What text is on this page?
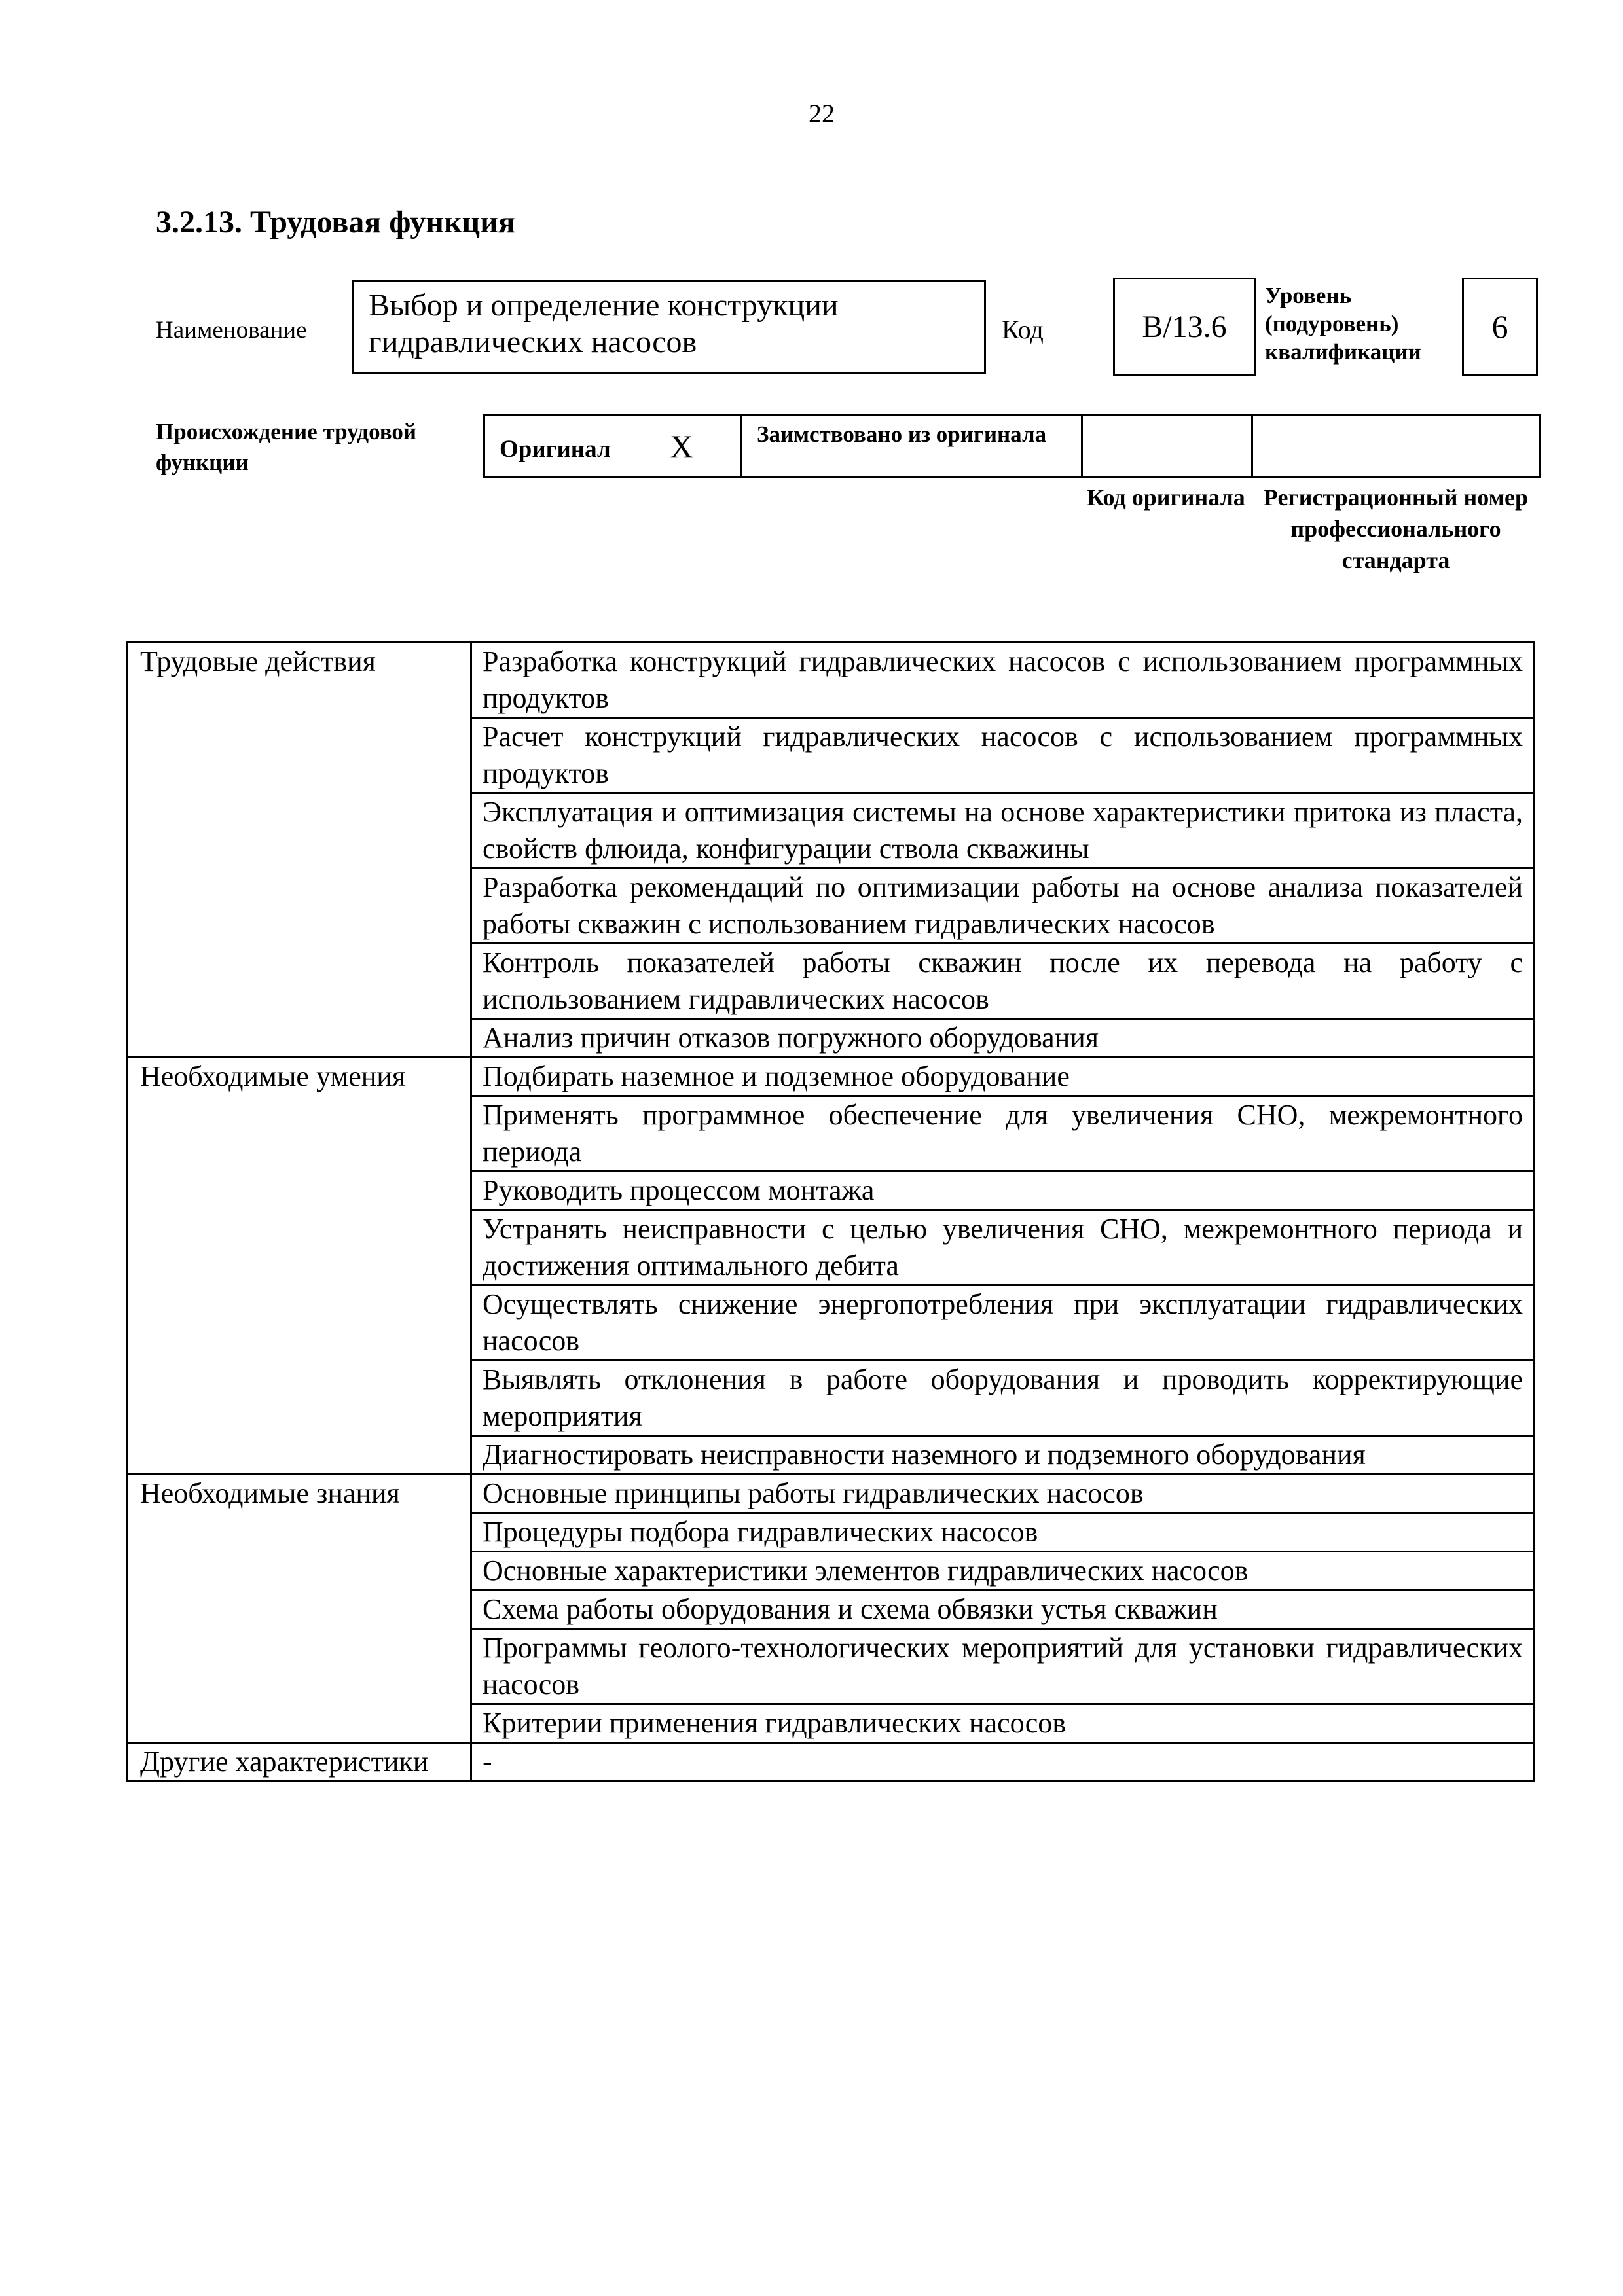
22
3.2.13. Трудовая функция
Наименование
Выбор и определение конструкции гидравлических насосов	Код	B/13.6
Уровень (подуровень) квалификации
6
Происхождение трудовой функции	Оригинал X	Заимствовано из оригинала
Код оригинала Регистрационный номер профессионального стандарта
Трудовые действия	Разработка конструкций гидравлических насосов с использованием программных продуктов
	Расчет конструкций гидравлических насосов с использованием программных продуктов
	Эксплуатация и оптимизация системы на основе характеристики притока из пласта, свойств флюида, конфигурации ствола скважины
	Разработка рекомендаций по оптимизации работы на основе анализа показателей работы скважин с использованием гидравлических насосов
	Контроль показателей работы скважин после их перевода на работу с использованием гидравлических насосов
	Анализ причин отказов погружного оборудования
Необходимые умения	Подбирать наземное и подземное оборудование
	Применять программное обеспечение для увеличения СНО, межремонтного периода
	Руководить процессом монтажа
	Устранять неисправности с целью увеличения СНО, межремонтного периода и достижения оптимального дебита
	Осуществлять снижение энергопотребления при эксплуатации гидравлических насосов
	Выявлять отклонения в работе оборудования и проводить корректирующие мероприятия
	Диагностировать неисправности наземного и подземного оборудования
Необходимые знания	Основные принципы работы гидравлических насосов
	Процедуры подбора гидравлических насосов
	Основные характеристики элементов гидравлических насосов
	Схема работы оборудования и схема обвязки устья скважин
	Программы геолого-технологических мероприятий для установки гидравлических насосов
	Критерии применения гидравлических насосов
Другие характеристики	-
